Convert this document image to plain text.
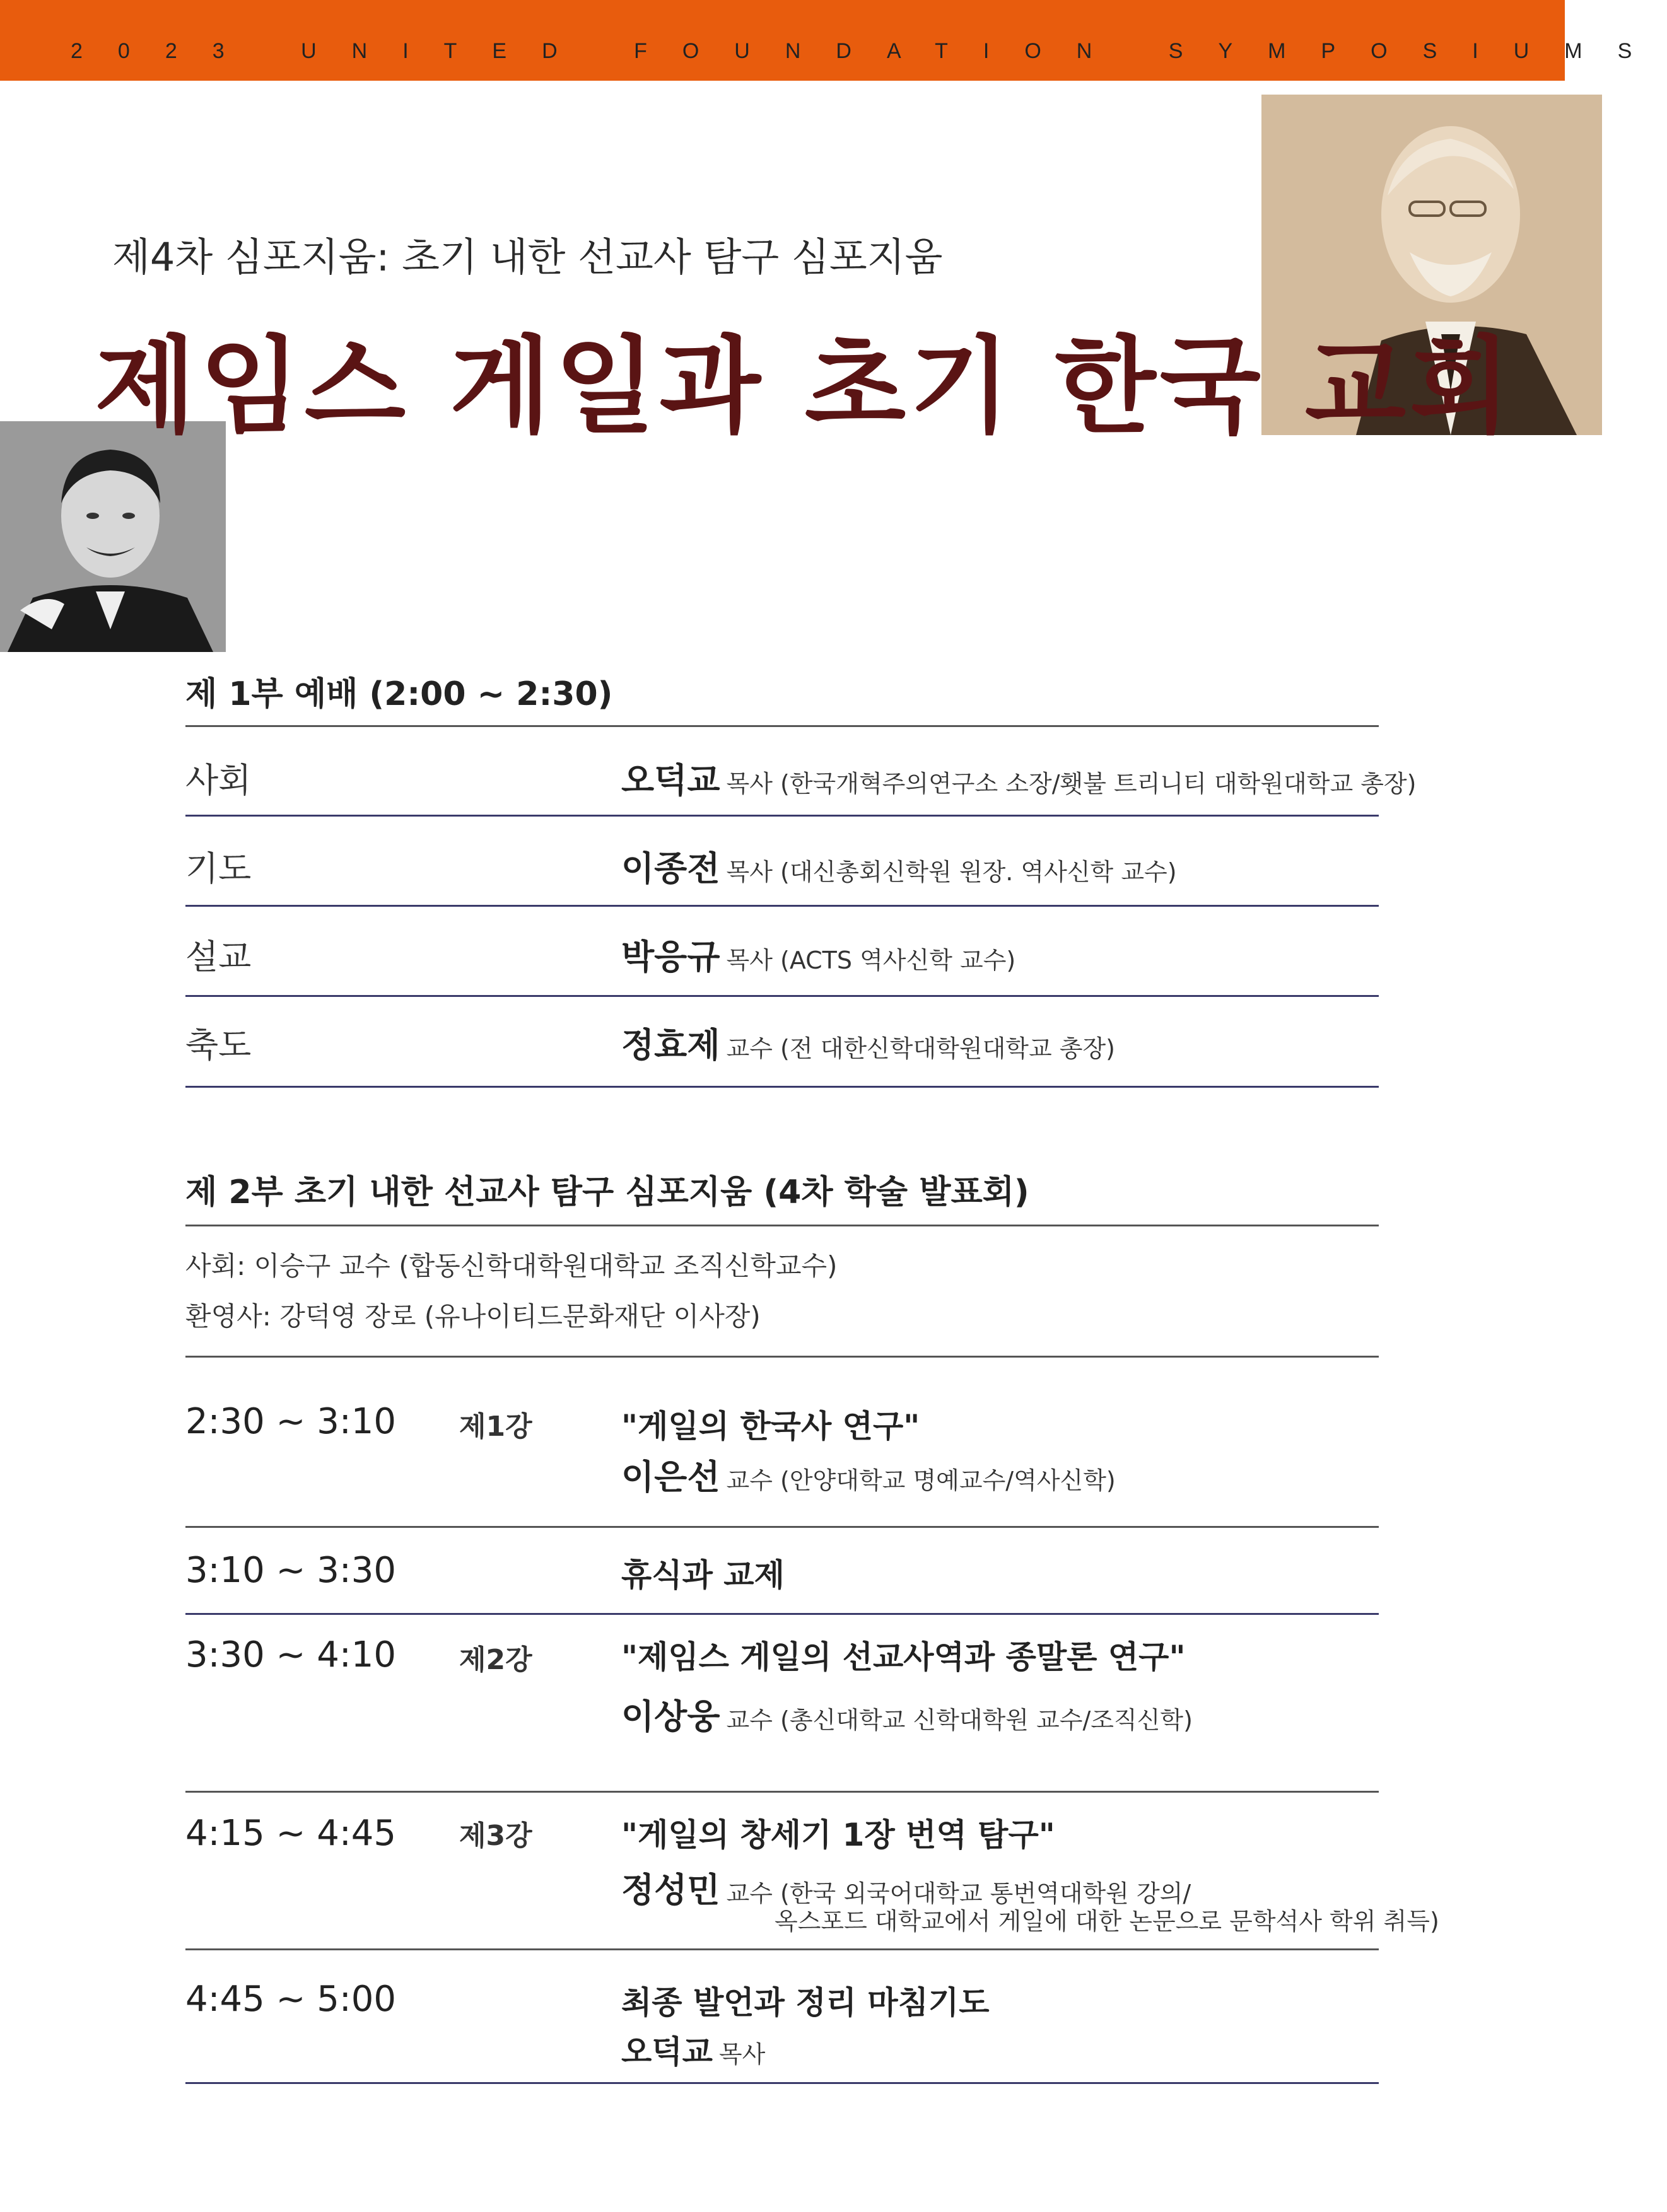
2023 UNITED FOUNDATION SYMPOSIUMS
제4차 심포지움: 초기 내한 선교사 탐구 심포지움
제임스 게일과 초기 한국 교회
제 1부 예배 (2:00 ~ 2:30)
사회	오덕교 목사 (한국개혁주의연구소 소장/횃불 트리니티 대학원대학교 총장)
기도	이종전 목사 (대신총회신학원 원장. 역사신학 교수)
설교	박응규 목사 (ACTS 역사신학 교수)
축도	정효제 교수 (전 대한신학대학원대학교 총장)
제 2부 초기 내한 선교사 탐구 심포지움 (4차 학술 발표회)
사회: 이승구 교수 (합동신학대학원대학교 조직신학교수)
환영사: 강덕영 장로 (유나이티드문화재단 이사장)
2:30 ~ 3:10 제1강	"게일의 한국사 연구"
이은선 교수 (안양대학교 명예교수/역사신학)
3:10 ~ 3:30	휴식과 교제
3:30 ~ 4:10 제2강	"제임스 게일의 선교사역과 종말론 연구"
이상웅 교수 (총신대학교 신학대학원 교수/조직신학)
4:15 ~ 4:45 제3강	"게일의 창세기 1장 번역 탐구"
정성민 교수 (한국 외국어대학교 통번역대학원 강의/
옥스포드 대학교에서 게일에 대한 논문으로 문학석사 학위 취득)
4:45 ~ 5:00	최종 발언과 정리 마침기도
오덕교 목사
